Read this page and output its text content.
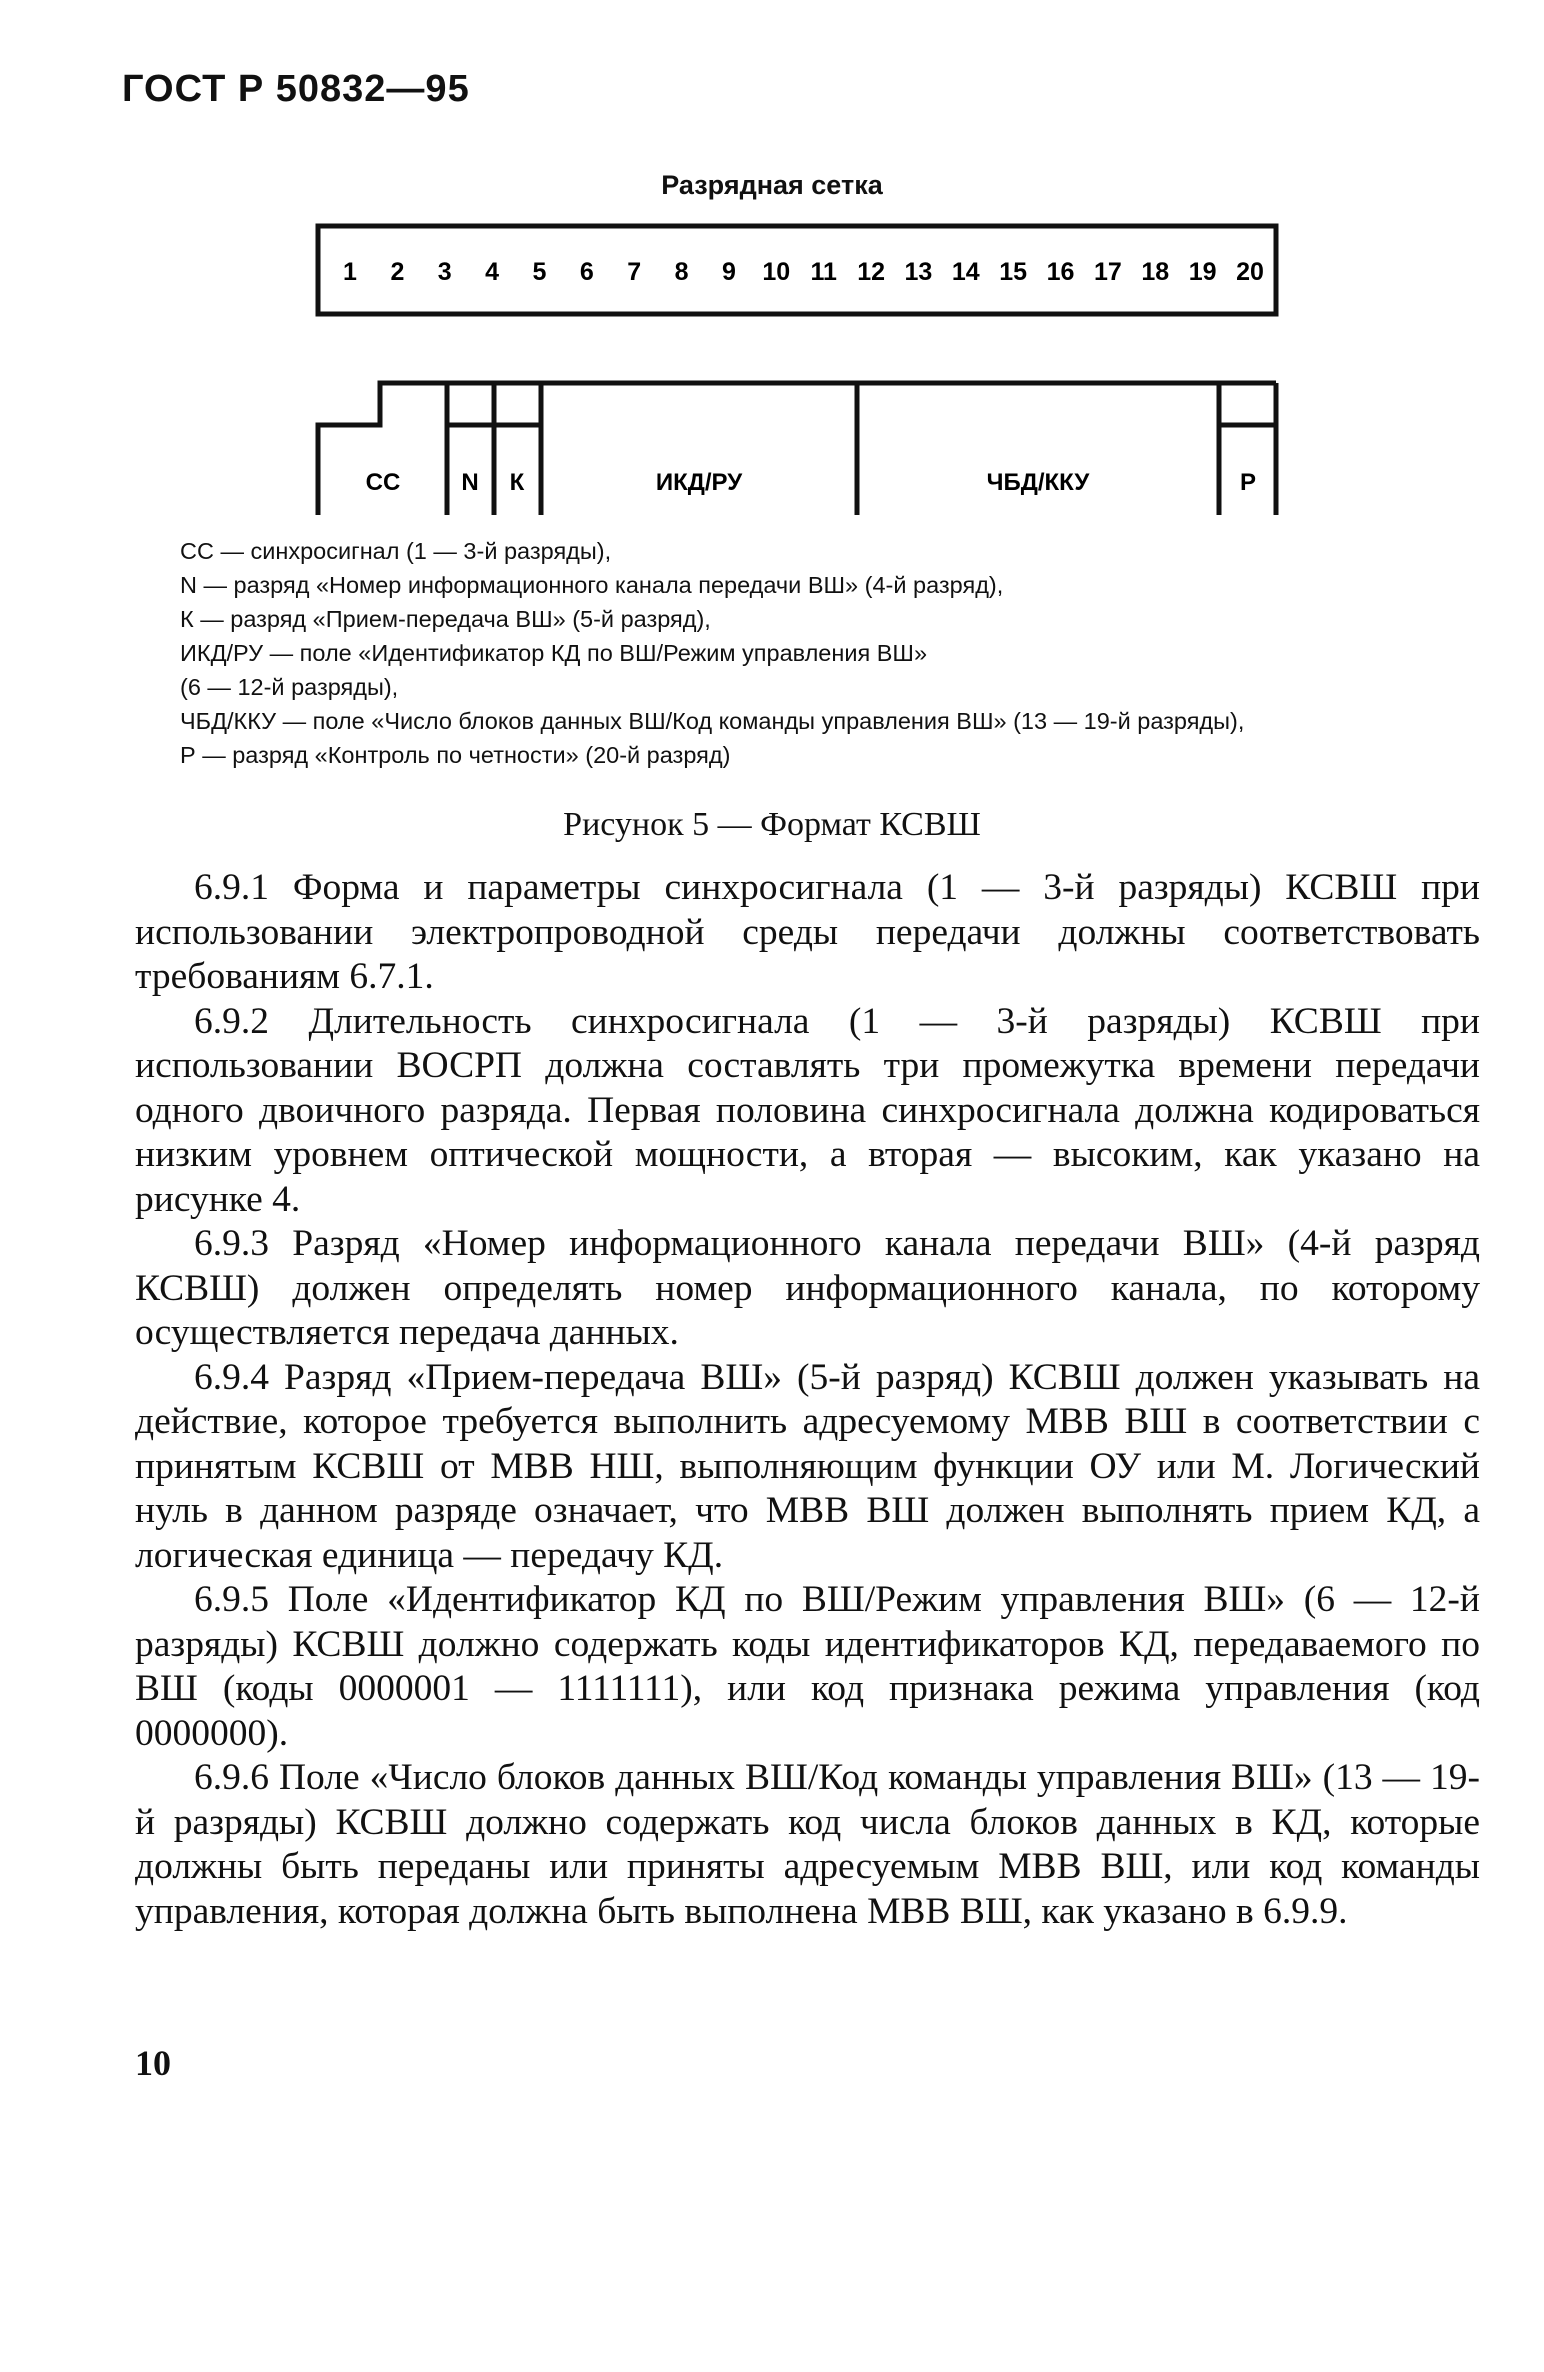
ГОСТ Р 50832—95
Разрядная сетка
1 2 3 4 5 6 7 8 9 10 11 12 13 14 15 16 17 18 19 20
СС	N К	ИКД/РУ	ЧБД/ККУ	Р
СС — синхросигнал (1 — 3-й разряды),
N — разряд «Номер информационного канала передачи ВШ» (4-й разряд),
К — разряд «Прием-передача ВШ» (5-й разряд),
ИКД/РУ — поле «Идентификатор КД по ВШ/Режим управления ВШ»
(6 — 12-й разряды),
ЧБД/ККУ — поле «Число блоков данных ВШ/Код команды управления ВШ» (13 — 19-й разряды),
Р — разряд «Контроль по четности» (20-й разряд)
Рисунок 5 — Формат КСВШ

6.9.1 Форма и параметры синхросигнала (1 — 3-й разряды) КСВШ при использовании электропроводной среды передачи должны соответствовать требованиям 6.7.1.

6.9.2 Длительность синхросигнала (1 — 3-й разряды) КСВШ при использовании ВОСРП должна составлять три промежутка времени передачи одного двоичного разряда. Первая половина синхросигнала должна кодироваться низким уровнем оптической мощности, а вторая — высоким, как указано на рисунке 4.

6.9.3 Разряд «Номер информационного канала передачи ВШ» (4-й разряд КСВШ) должен определять номер информационного канала, по которому осуществляется передача данных.

6.9.4 Разряд «Прием-передача ВШ» (5-й разряд) КСВШ должен указывать на действие, которое требуется выполнить адресуемому МВВ ВШ в соответствии с принятым КСВШ от МВВ НШ, выполняющим функции ОУ или М. Логический нуль в данном разряде означает, что МВВ ВШ должен выполнять прием КД, а логическая единица — передачу КД.

6.9.5 Поле «Идентификатор КД по ВШ/Режим управления ВШ» (6 — 12-й разряды) КСВШ должно содержать коды идентификаторов КД, передаваемого по ВШ (коды 0000001 — 1111111), или код признака режима управления (код 0000000).

6.9.6 Поле «Число блоков данных ВШ/Код команды управления ВШ» (13 — 19-й разряды) КСВШ должно содержать код числа блоков данных в КД, которые должны быть переданы или приняты адресуемым МВВ ВШ, или код команды управления, которая должна быть выполнена МВВ ВШ, как указано в 6.9.9.

10
